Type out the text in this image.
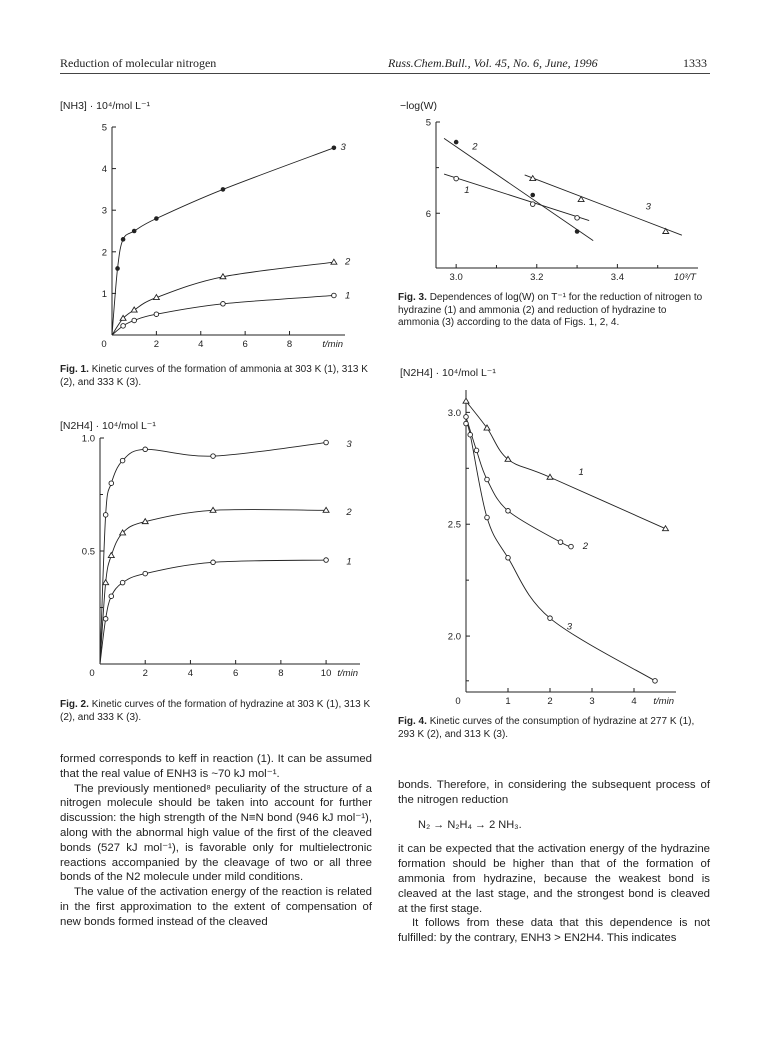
Reduction of molecular nitrogen	Russ.Chem.Bull., Vol. 45, No. 6, June, 1996	1333
[NH3] · 10⁴/mol L⁻¹
2	4	6	8
1
2
3
4
5
0	t/min
1
2
3
Fig. 1. Kinetic curves of the formation of ammonia at 303 K (1), 313 K (2), and 333 K (3).
[N2H4] · 10⁴/mol L⁻¹
2	4	6	8	10
0.5
1.0
0	t/min
1
2
3
Fig. 2. Kinetic curves of the formation of hydrazine at 303 K (1), 313 K (2), and 333 K (3).
−log(W)
3.0	3.2	3.4
5
6
10³/T
1
2
3
Fig. 3. Dependences of log(W) on T⁻¹ for the reduction of nitrogen to hydrazine (1) and ammonia (2) and reduction of hydrazine to ammonia (3) according to the data of Figs. 1, 2, 4.
[N2H4] · 10⁴/mol L⁻¹
1	2	3	4
2.0
2.5
3.0
0	t/min
1
2
3
Fig. 4. Kinetic curves of the consumption of hydrazine at 277 K (1), 293 K (2), and 313 K (3).

formed corresponds to keff in reaction (1). It can be assumed that the real value of ENH3 is ~70 kJ mol⁻¹.

The previously mentioned⁸ peculiarity of the structure of a nitrogen molecule should be taken into account for further discussion: the high strength of the N≡N bond (946 kJ mol⁻¹), along with the abnormal high value of the first of the cleaved bonds (527 kJ mol⁻¹), is favorable only for multielectronic reactions accompanied by the cleavage of two or all three bonds of the N2 molecule under mild conditions.

The value of the activation energy of the reaction is related in the first approximation to the extent of compensation of new bonds formed instead of the cleaved

bonds. Therefore, in considering the subsequent process of the nitrogen reduction

N₂ → N₂H₄ → 2 NH₃.

it can be expected that the activation energy of the hydrazine formation should be higher than that of the formation of ammonia from hydrazine, because the weakest bond is cleaved at the last stage, and the strongest bond is cleaved at the first stage.

It follows from these data that this dependence is not fulfilled: by the contrary, ENH3 > EN2H4. This indicates
